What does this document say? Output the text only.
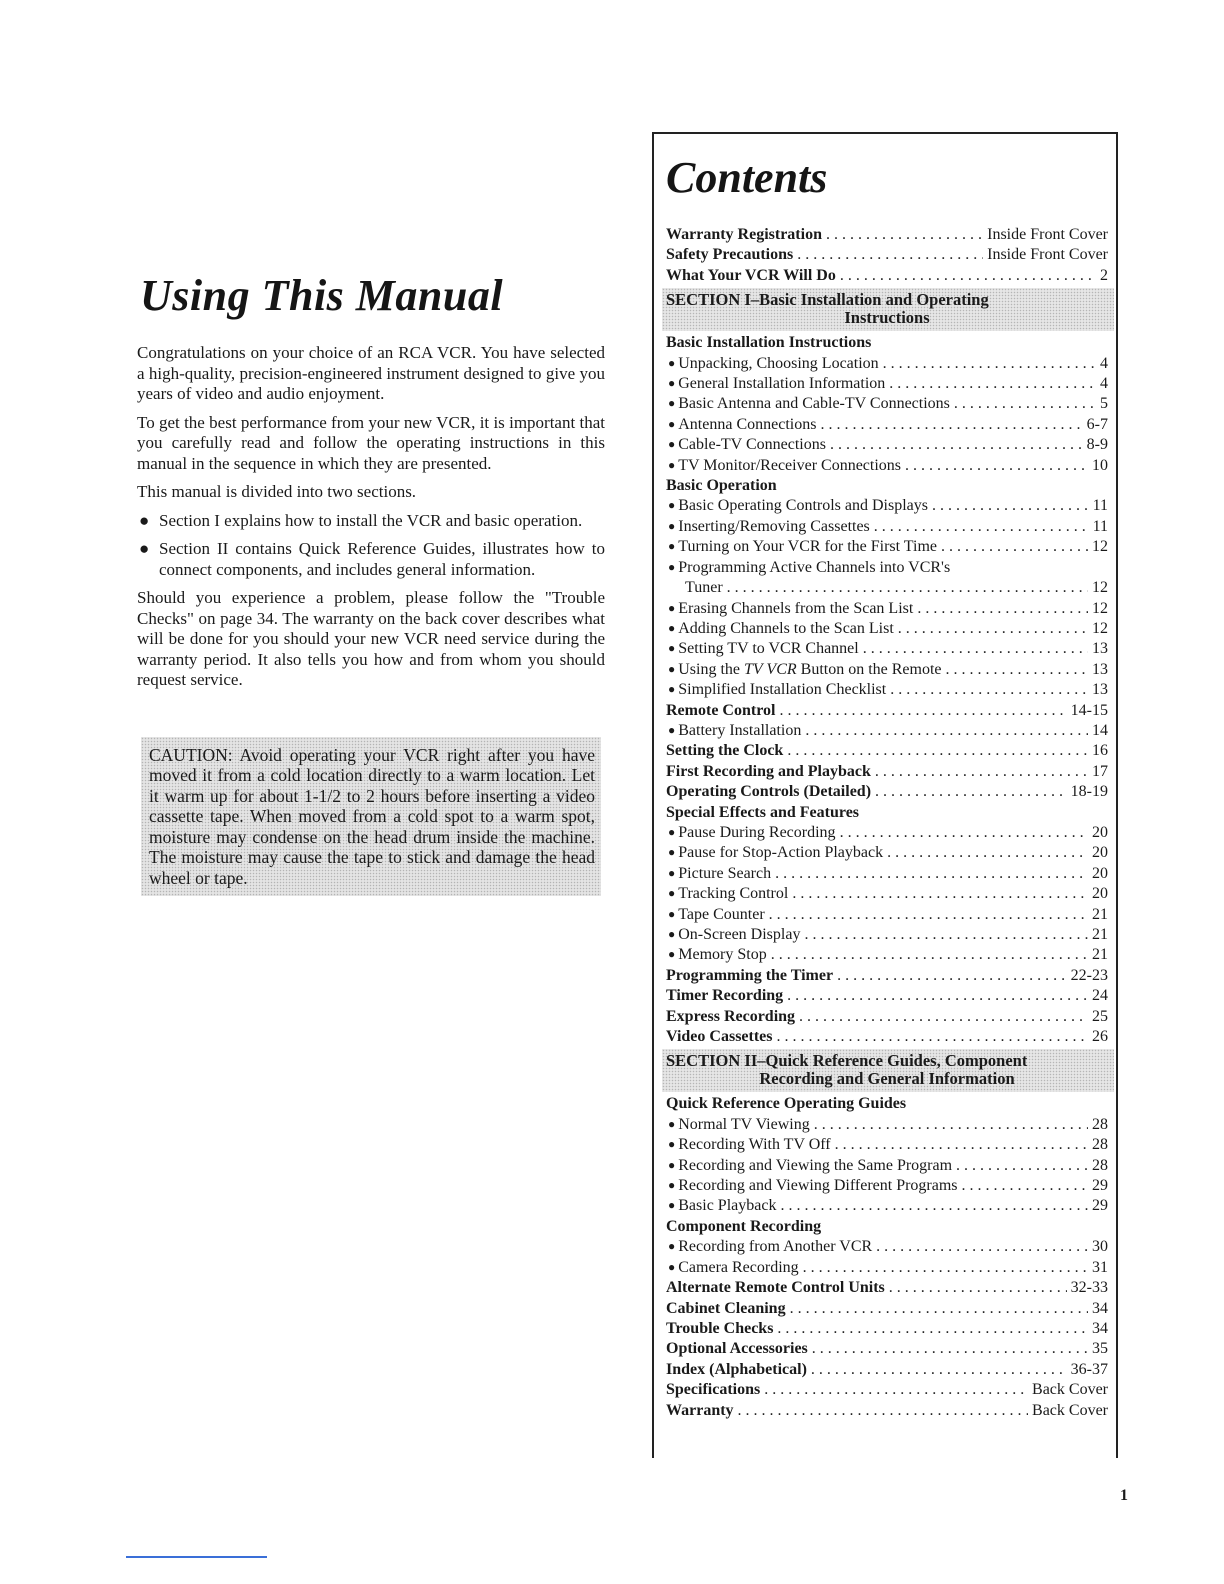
Using This Manual

Congratulations on your choice of an RCA VCR. You have selected a high-quality, precision-engineered instrument designed to give you years of video and audio enjoyment.

To get the best performance from your new VCR, it is important that you carefully read and follow the operating instructions in this manual in the sequence in which they are presented.

This manual is divided into two sections.

● Section I explains how to install the VCR and basic operation.
● Section II contains Quick Reference Guides, illustrates how to connect components, and includes general information.

Should you experience a problem, please follow the "Trouble Checks" on page 34. The warranty on the back cover describes what will be done for you should your new VCR need service during the warranty period. It also tells you how and from whom you should request service.

CAUTION: Avoid operating your VCR right after you have moved it from a cold location directly to a warm location. Let it warm up for about 1-1/2 to 2 hours before inserting a video cassette tape. When moved from a cold spot to a warm spot, moisture may condense on the head drum inside the machine. The moisture may cause the tape to stick and damage the head wheel or tape.
Contents
Warranty Registration . . .	Inside Front Cover
Safety Precautions . . .	Inside Front Cover
What Your VCR Will Do . . .	2
SECTION I–Basic Installation and Operating
Instructions
Basic Installation Instructions
● Unpacking, Choosing Location . . .	4
● General Installation Information . . .	4
● Basic Antenna and Cable-TV Connections . . .	5
● Antenna Connections . . .	6-7
● Cable-TV Connections . . .	8-9
● TV Monitor/Receiver Connections . . .	10
Basic Operation
● Basic Operating Controls and Displays . . .	11
● Inserting/Removing Cassettes . . .	11
● Turning on Your VCR for the First Time . . .	12
● Programming Active Channels into VCR's
Tuner . . .	12
● Erasing Channels from the Scan List . . .	12
● Adding Channels to the Scan List . . .	12
● Setting TV to VCR Channel . . .	13
● Using the TV VCR Button on the Remote . . .	13
● Simplified Installation Checklist . . .	13
Remote Control . . .	14-15
● Battery Installation . . .	14
Setting the Clock . . .	16
First Recording and Playback . . .	17
Operating Controls (Detailed) . . .	18-19
Special Effects and Features
● Pause During Recording . . .	20
● Pause for Stop-Action Playback . . .	20
● Picture Search . . .	20
● Tracking Control . . .	20
● Tape Counter . . .	21
● On-Screen Display . . .	21
● Memory Stop . . .	21
Programming the Timer . . .	22-23
Timer Recording . . .	24
Express Recording . . .	25
Video Cassettes . . .	26
SECTION II–Quick Reference Guides, Component
Recording and General Information
Quick Reference Operating Guides
● Normal TV Viewing . . .	28
● Recording With TV Off . . .	28
● Recording and Viewing the Same Program . . .	28
● Recording and Viewing Different Programs . . .	29
● Basic Playback . . .	29
Component Recording
● Recording from Another VCR . . .	30
● Camera Recording . . .	31
Alternate Remote Control Units . . .	32-33
Cabinet Cleaning . . .	34
Trouble Checks . . .	34
Optional Accessories . . .	35
Index (Alphabetical) . . .	36-37
Specifications . . .	Back Cover
Warranty . . .	Back Cover
1
